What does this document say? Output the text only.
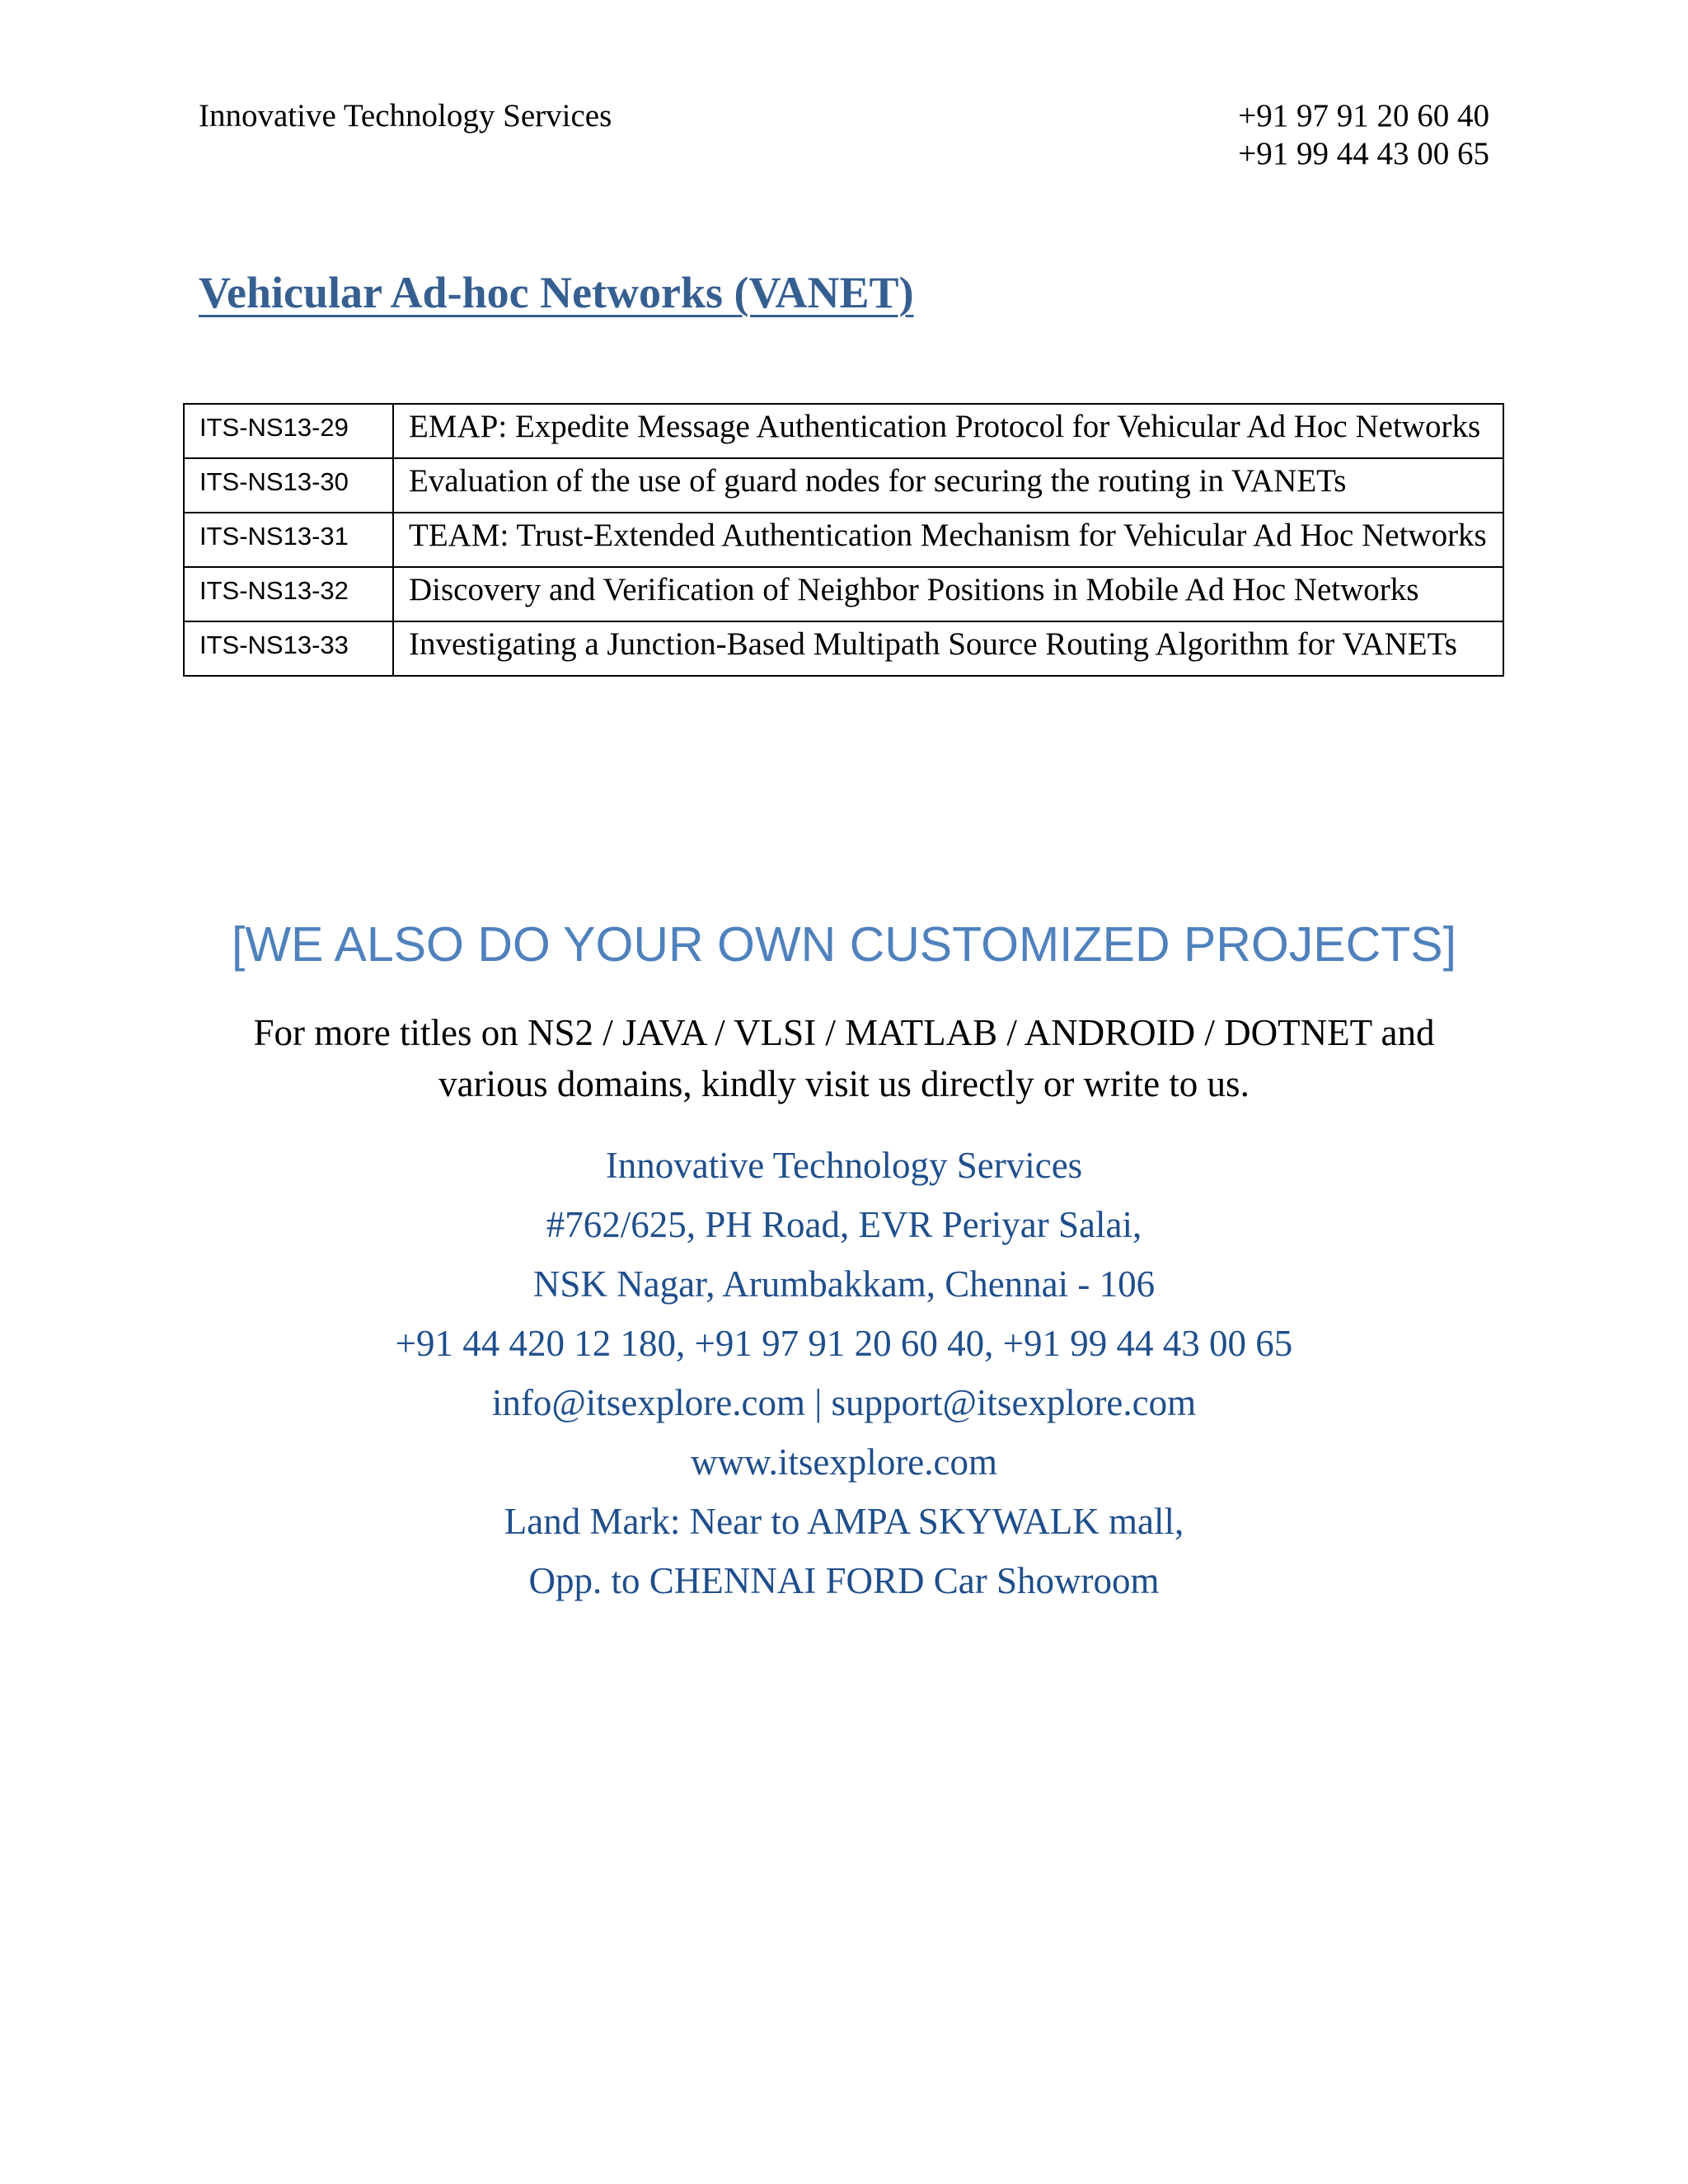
Innovative Technology Services	+91 97 91 20 60 40
+91 99 44 43 00 65
Vehicular Ad-hoc Networks (VANET)
ITS-NS13-29	EMAP: Expedite Message Authentication Protocol for Vehicular Ad Hoc Networks
ITS-NS13-30	Evaluation of the use of guard nodes for securing the routing in VANETs
ITS-NS13-31	TEAM: Trust-Extended Authentication Mechanism for Vehicular Ad Hoc Networks
ITS-NS13-32	Discovery and Verification of Neighbor Positions in Mobile Ad Hoc Networks
ITS-NS13-33	Investigating a Junction-Based Multipath Source Routing Algorithm for VANETs
[WE ALSO DO YOUR OWN CUSTOMIZED PROJECTS]
For more titles on NS2 / JAVA / VLSI / MATLAB / ANDROID / DOTNET and
various domains, kindly visit us directly or write to us.
Innovative Technology Services
#762/625, PH Road, EVR Periyar Salai,
NSK Nagar, Arumbakkam, Chennai - 106
+91 44 420 12 180, +91 97 91 20 60 40, +91 99 44 43 00 65
info@itsexplore.com | support@itsexplore.com
www.itsexplore.com
Land Mark: Near to AMPA SKYWALK mall,
Opp. to CHENNAI FORD Car Showroom
